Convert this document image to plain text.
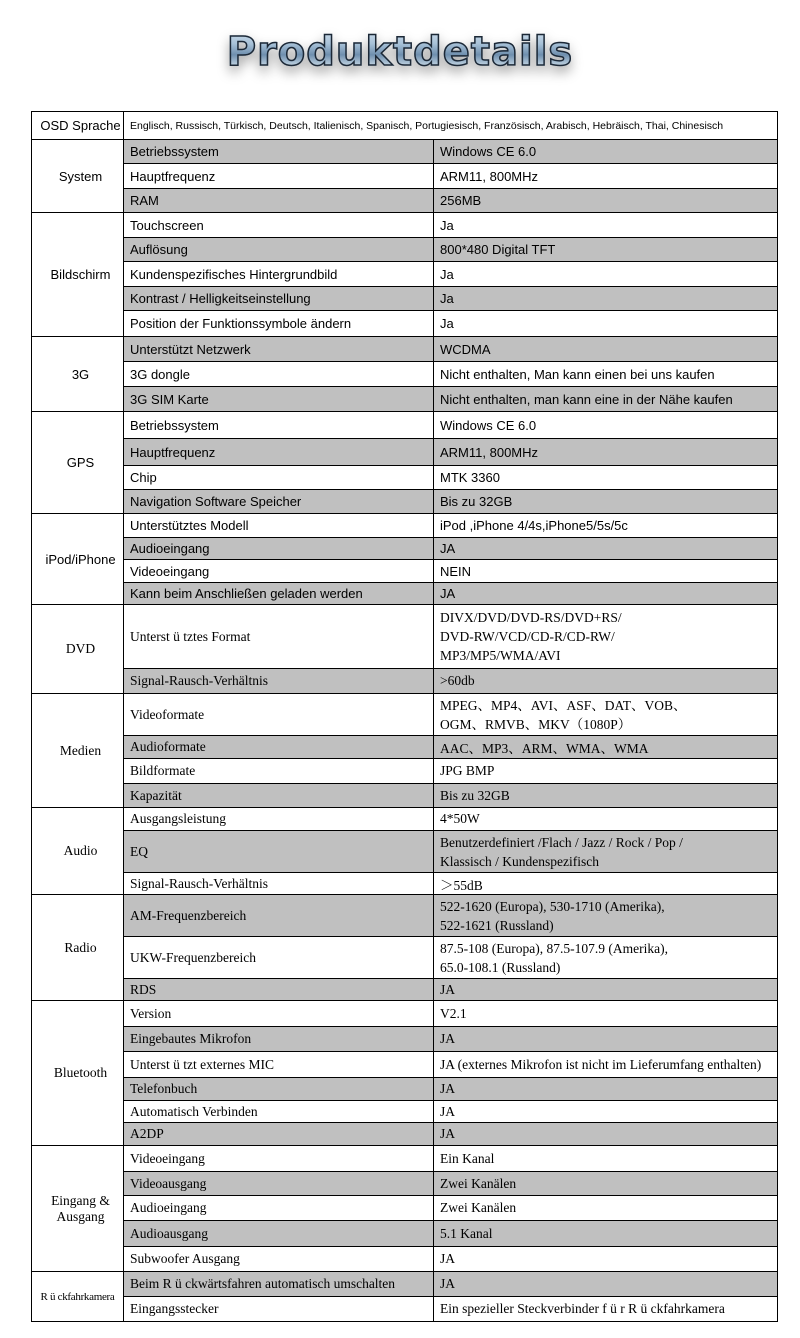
Produktdetails
OSD Sprache	Englisch, Russisch, Türkisch, Deutsch, Italienisch, Spanisch, Portugiesisch, Französisch, Arabisch, Hebräisch, Thai, Chinesisch	
System	Betriebssystem	Windows CE 6.0
	Hauptfrequenz	ARM11, 800MHz
	RAM	256MB
Bildschirm	Touchscreen	Ja
	Auflösung	800*480 Digital TFT
	Kundenspezifisches Hintergrundbild	Ja
	Kontrast / Helligkeitseinstellung	Ja
	Position der Funktionssymbole ändern	Ja
3G	Unterstützt Netzwerk	WCDMA
	3G dongle	Nicht enthalten, Man kann einen bei uns kaufen
	3G SIM Karte	Nicht enthalten, man kann eine in der Nähe kaufen
GPS	Betriebssystem	Windows CE 6.0
	Hauptfrequenz	ARM11, 800MHz
	Chip	MTK 3360
	Navigation Software Speicher	Bis zu 32GB
iPod/iPhone	Unterstütztes Modell	iPod ,iPhone 4/4s,iPhone5/5s/5c
	Audioeingang	JA
	Videoeingang	NEIN
	Kann beim Anschließen geladen werden	JA
DVD	Unterst ü tztes Format	DIVX/DVD/DVD-RS/DVD+RS/
DVD-RW/VCD/CD-R/CD-RW/
MP3/MP5/WMA/AVI
	Signal-Rausch-Verhältnis	>60db
Medien	Videoformate	MPEG、MP4、AVI、ASF、DAT、VOB、
OGM、RMVB、MKV（1080P）
	Audioformate	AAC、MP3、ARM、WMA、WMA
	Bildformate	JPG BMP
	Kapazität	Bis zu 32GB
Audio	Ausgangsleistung	4*50W
	EQ	Benutzerdefiniert /Flach / Jazz / Rock / Pop /
Klassisch / Kundenspezifisch
	Signal-Rausch-Verhältnis	＞55dB
Radio	AM-Frequenzbereich	522-1620 (Europa), 530-1710 (Amerika),
522-1621 (Russland)
	UKW-Frequenzbereich	87.5-108 (Europa), 87.5-107.9 (Amerika),
65.0-108.1 (Russland)
	RDS	JA
Bluetooth	Version	V2.1
	Eingebautes Mikrofon	JA
	Unterst ü tzt externes MIC	JA (externes Mikrofon ist nicht im Lieferumfang enthalten)
	Telefonbuch	JA
	Automatisch Verbinden	JA
	A2DP	JA
Eingang &
Ausgang	Videoeingang	Ein Kanal
	Videoausgang	Zwei Kanälen
	Audioeingang	Zwei Kanälen
	Audioausgang	5.1 Kanal
	Subwoofer Ausgang	JA
R ü ckfahrkamera	Beim R ü ckwärtsfahren automatisch umschalten	JA
	Eingangsstecker	Ein spezieller Steckverbinder f ü r R ü ckfahrkamera
